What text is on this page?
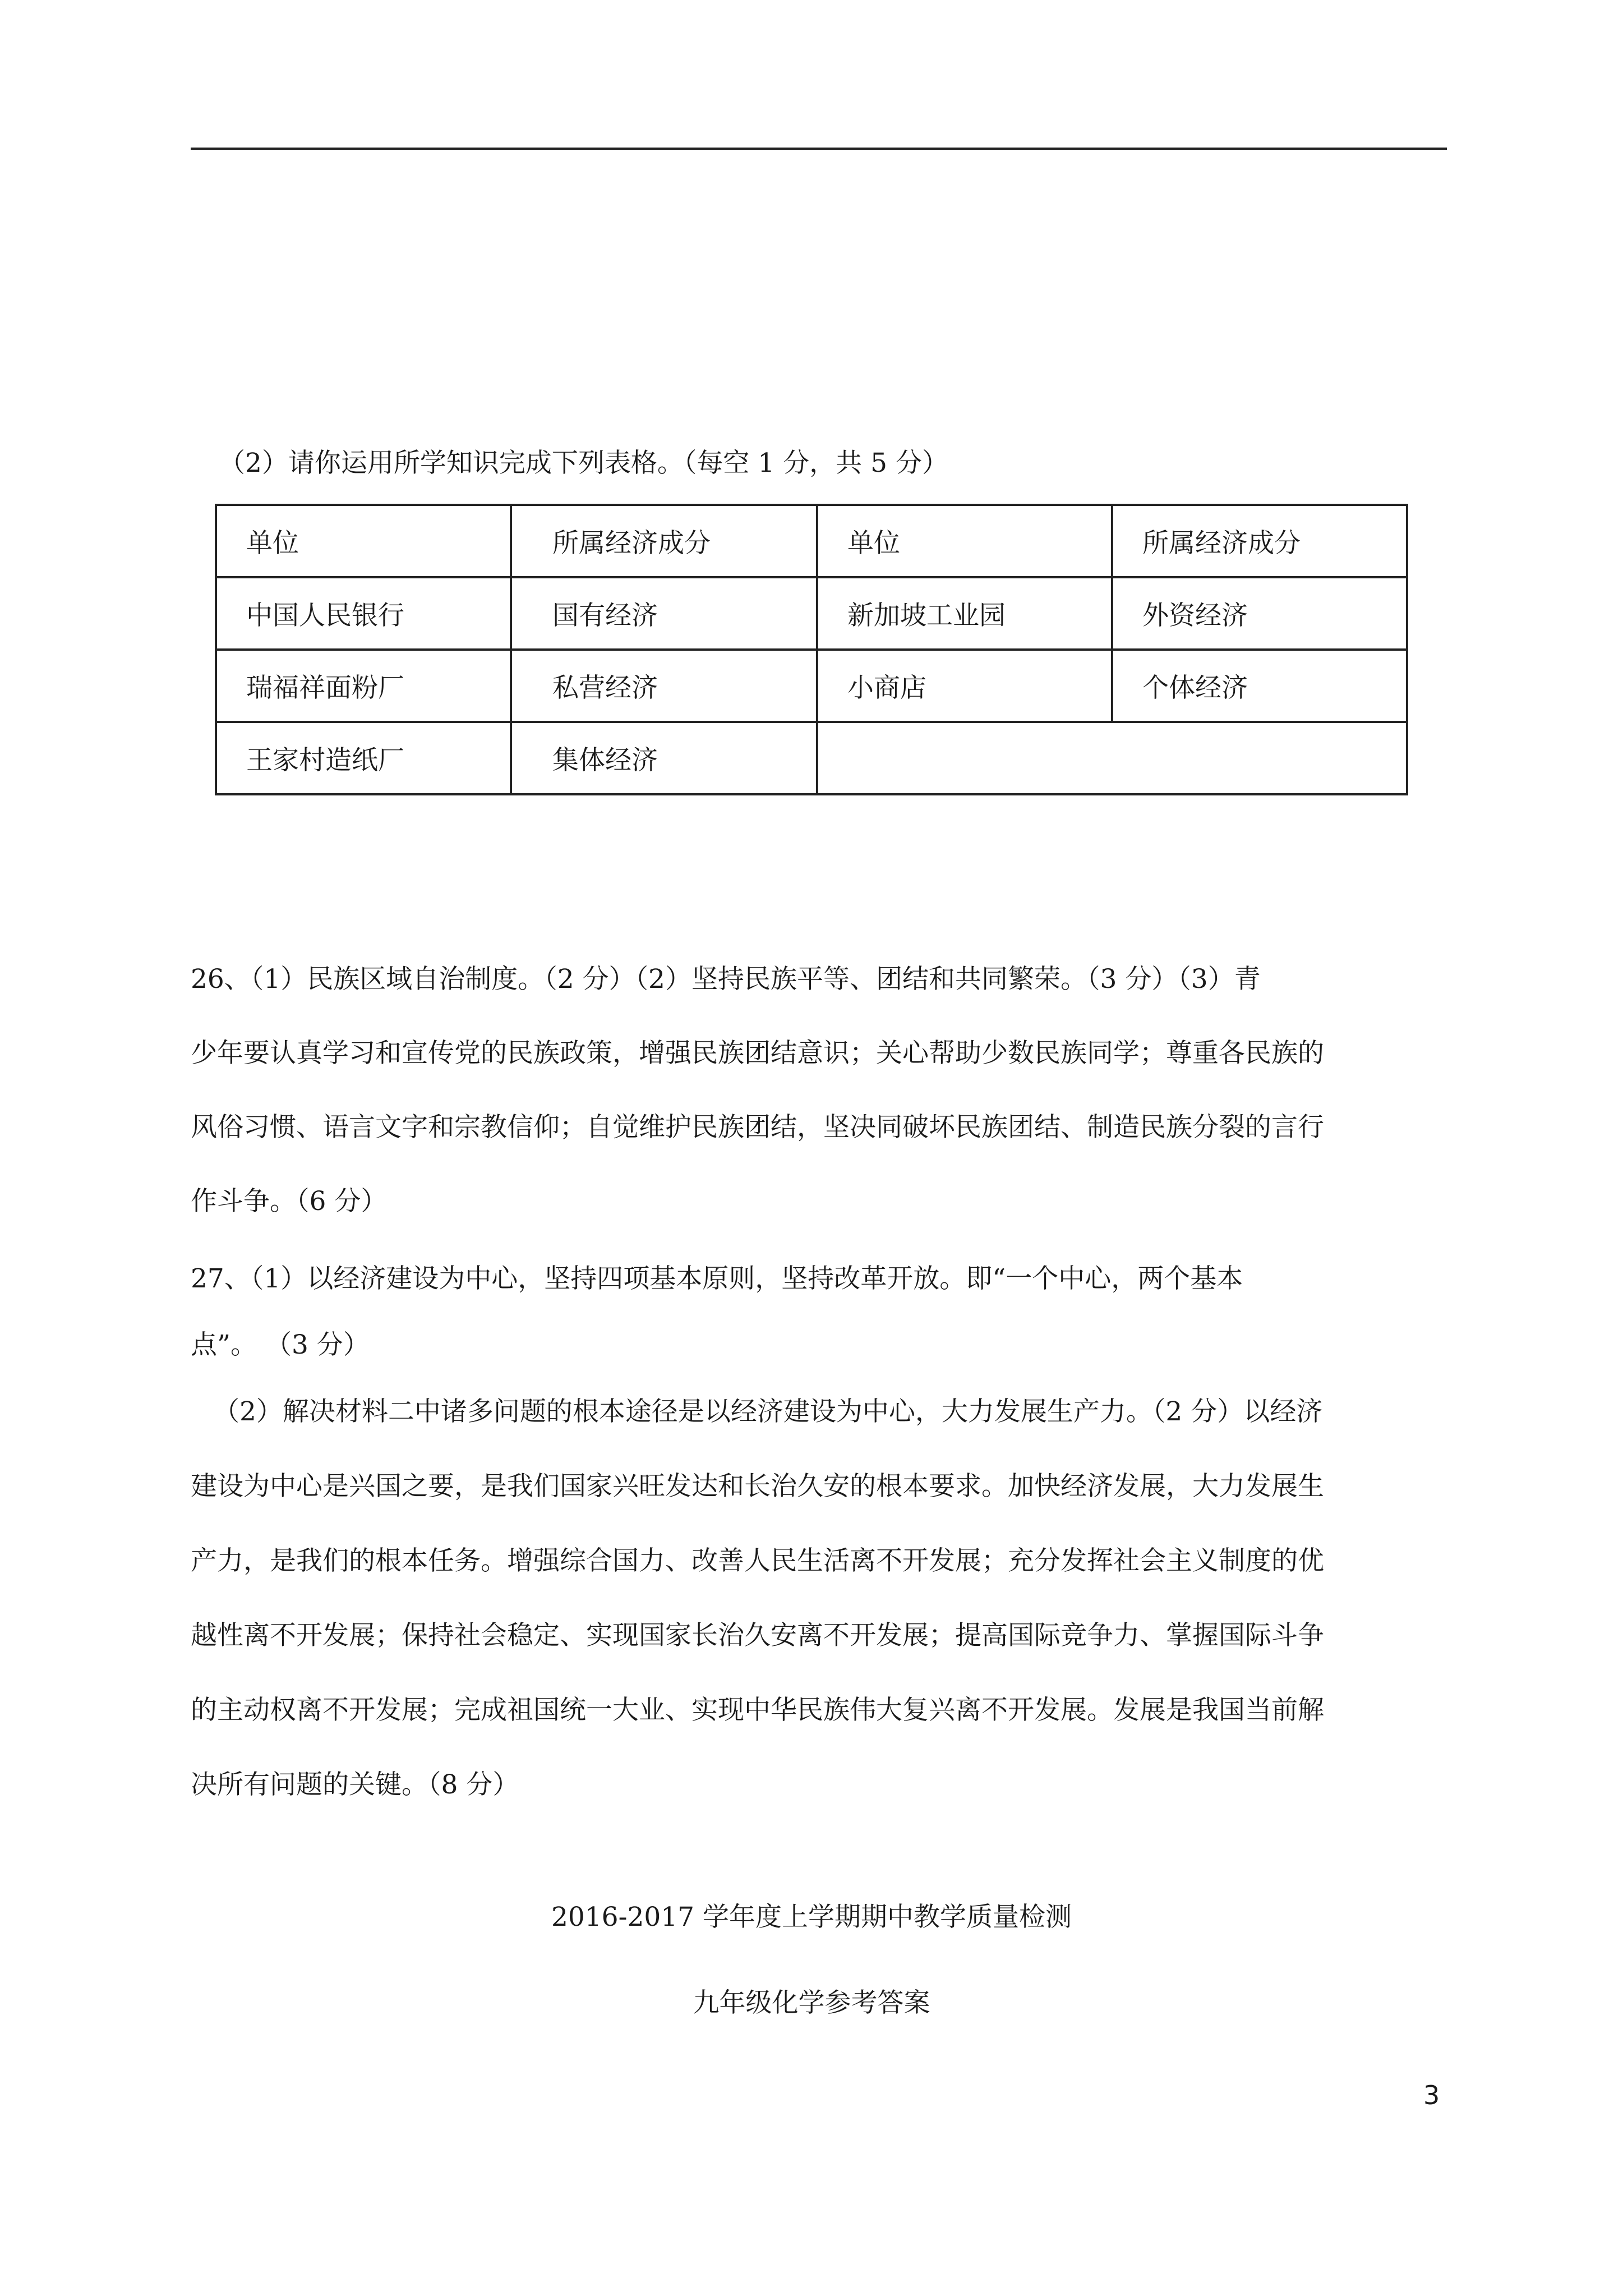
（2）请你运用所学知识完成下列表格。（每空 1 分，共 5 分）
单位	所属经济成分	单位	所属经济成分
中国人民银行	国有经济	新加坡工业园	外资经济
瑞福祥面粉厂	私营经济	小商店	个体经济
王家村造纸厂	集体经济		

26、（1）民族区域自治制度。（2 分）（2）坚持民族平等、团结和共同繁荣。（3 分）（3）青

少年要认真学习和宣传党的民族政策，增强民族团结意识；关心帮助少数民族同学；尊重各民族的

风俗习惯、语言文字和宗教信仰；自觉维护民族团结，坚决同破坏民族团结、制造民族分裂的言行

作斗争。（6 分）

27、（1）以经济建设为中心，坚持四项基本原则，坚持改革开放。即“一个中心，两个基本

点”。 （3 分）

（2）解决材料二中诸多问题的根本途径是以经济建设为中心，大力发展生产力。（2 分）以经济

建设为中心是兴国之要，是我们国家兴旺发达和长治久安的根本要求。加快经济发展，大力发展生

产力，是我们的根本任务。增强综合国力、改善人民生活离不开发展；充分发挥社会主义制度的优

越性离不开发展；保持社会稳定、实现国家长治久安离不开发展；提高国际竞争力、掌握国际斗争

的主动权离不开发展；完成祖国统一大业、实现中华民族伟大复兴离不开发展。发展是我国当前解

决所有问题的关键。（8 分）

2016-2017 学年度上学期期中教学质量检测
九年级化学参考答案
3
